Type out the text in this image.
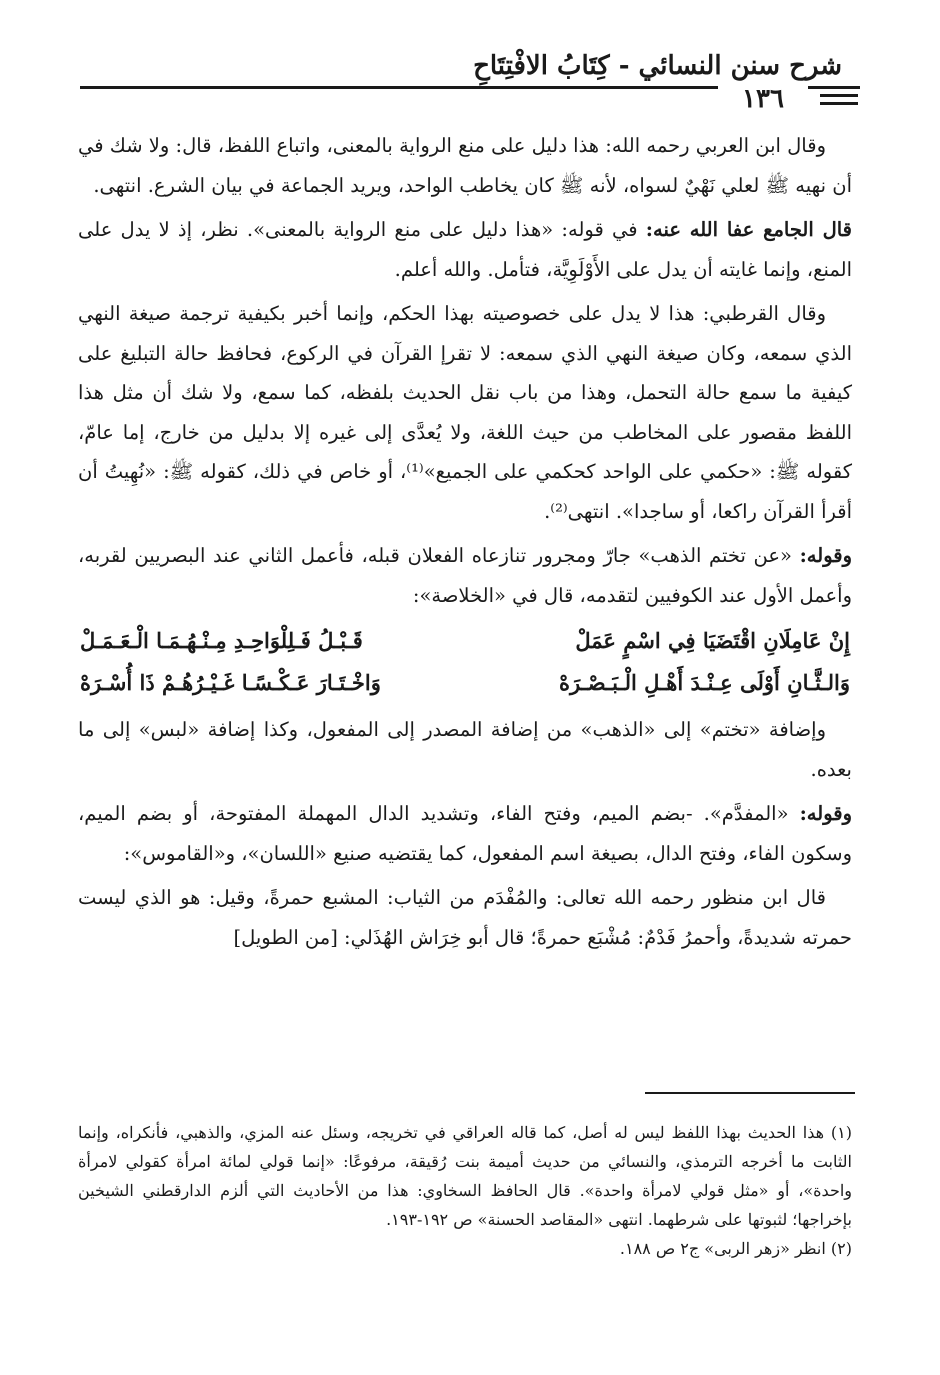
شرح سنن النسائي - كِتَابُ الافْتِتَاحِ
١٣٦

وقال ابن العربي رحمه الله: هذا دليل على منع الرواية بالمعنى، واتباع اللفظ، قال: ولا شك في أن نهيه ﷺ لعلي نَهْيٌ لسواه، لأنه ﷺ كان يخاطب الواحد، ويريد الجماعة في بيان الشرع. انتهى.

قال الجامع عفا الله عنه: في قوله: «هذا دليل على منع الرواية بالمعنى». نظر، إذ لا يدل على المنع، وإنما غايته أن يدل على الأَوْلَوِيَّة، فتأمل. والله أعلم.

وقال القرطبي: هذا لا يدل على خصوصيته بهذا الحكم، وإنما أخبر بكيفية ترجمة صيغة النهي الذي سمعه، وكان صيغة النهي الذي سمعه: لا تقرإ القرآن في الركوع، فحافظ حالة التبليغ على كيفية ما سمع حالة التحمل، وهذا من باب نقل الحديث بلفظه، كما سمع، ولا شك أن مثل هذا اللفظ مقصور على المخاطب من حيث اللغة، ولا يُعدَّى إلى غيره إلا بدليل من خارج، إما عامّ، كقوله ﷺ: «حكمي على الواحد كحكمي على الجميع»⁽¹⁾، أو خاص في ذلك، كقوله ﷺ: «نُهِيتُ أن أقرأ القرآن راكعا، أو ساجدا». انتهى⁽²⁾.

وقوله: «عن تختم الذهب» جارّ ومجرور تنازعاه الفعلان قبله، فأعمل الثاني عند البصريين لقربه، وأعمل الأول عند الكوفيين لتقدمه، قال في «الخلاصة»:

إِنْ عَامِلَانِ اقْتَضَيَا فِي اسْمٍ عَمَلْ
قَـبْـلُ فَـلِلْوَاحِـدِ مِـنْـهُـمَـا الْـعَـمَـلْ
وَالـثَّـانِ أَوْلَى عِـنْـدَ أَهْـلِ الْـبَـصْـرَهْ
وَاخْـتَـارَ عَـكْـسًـا غَـيْـرُهُـمْ ذَا أُسْـرَهْ

وإضافة «تختم» إلى «الذهب» من إضافة المصدر إلى المفعول، وكذا إضافة «لبس» إلى ما بعده.

وقوله: «المفدَّم». -بضم الميم، وفتح الفاء، وتشديد الدال المهملة المفتوحة، أو بضم الميم، وسكون الفاء، وفتح الدال، بصيغة اسم المفعول، كما يقتضيه صنيع «اللسان»، و«القاموس»:

قال ابن منظور رحمه الله تعالى: والمُفْدَم من الثياب: المشبع حمرةً، وقيل: هو الذي ليست حمرته شديدةً، وأحمرُ فَدْمٌ: مُشْبَع حمرةً؛ قال أبو خِرَاش الهُذَلي: [من الطويل]

(١) هذا الحديث بهذا اللفظ ليس له أصل، كما قاله العراقي في تخريجه، وسئل عنه المزي، والذهبي، فأنكراه، وإنما الثابت ما أخرجه الترمذي، والنسائي من حديث أميمة بنت رُقيقة، مرفوعًا: «إنما قولي لمائة امرأة كقولي لامرأة واحدة»، أو «مثل قولي لامرأة واحدة». قال الحافظ السخاوي: هذا من الأحاديث التي ألزم الدارقطني الشيخين بإخراجها؛ لثبوتها على شرطهما. انتهى «المقاصد الحسنة» ص ١٩٢-١٩٣.

(٢) انظر «زهر الربى» ج٢ ص ١٨٨.
